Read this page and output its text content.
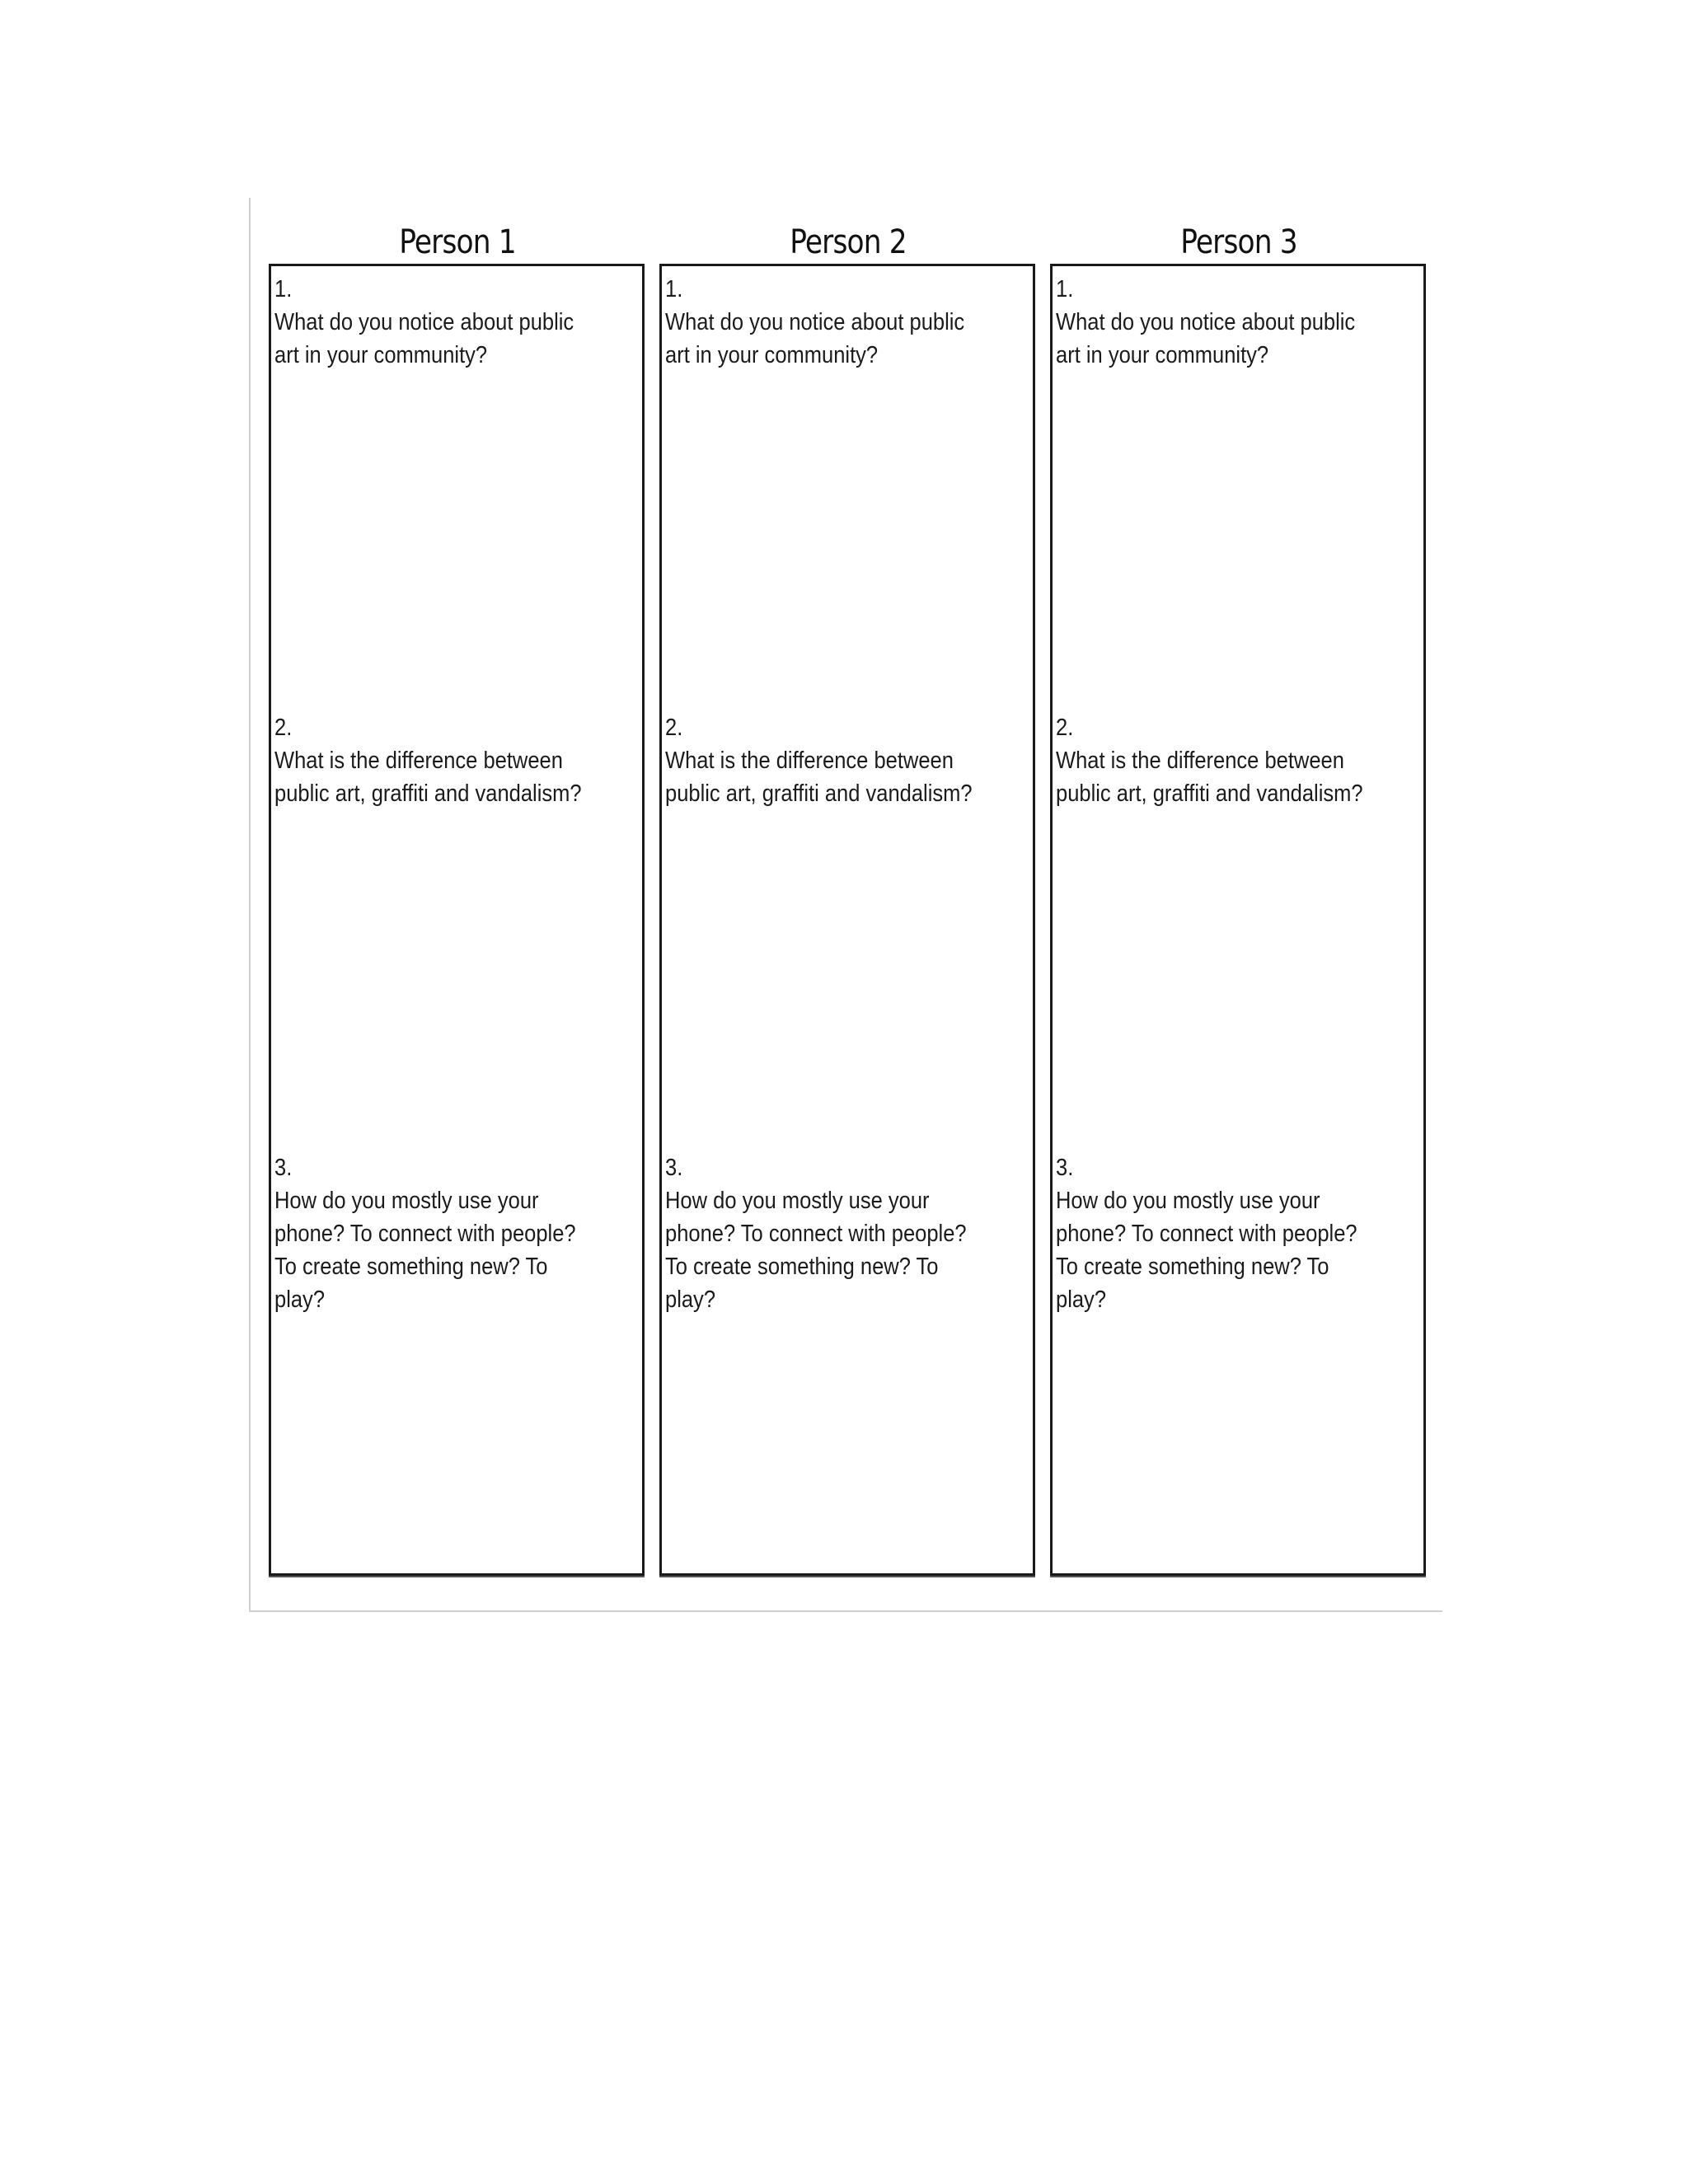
Person 1
1.What do you notice about public art in your community?
2.What is the difference between public art, graffiti and vandalism?
3.How do you mostly use your phone? To connect with people? To create something new? To play?
Person 2
1.What do you notice about public art in your community?
2.What is the difference between public art, graffiti and vandalism?
3.How do you mostly use your phone? To connect with people? To create something new? To play?
Person 3
1.What do you notice about public art in your community?
2.What is the difference between public art, graffiti and vandalism?
3.How do you mostly use your phone? To connect with people? To create something new? To play?
